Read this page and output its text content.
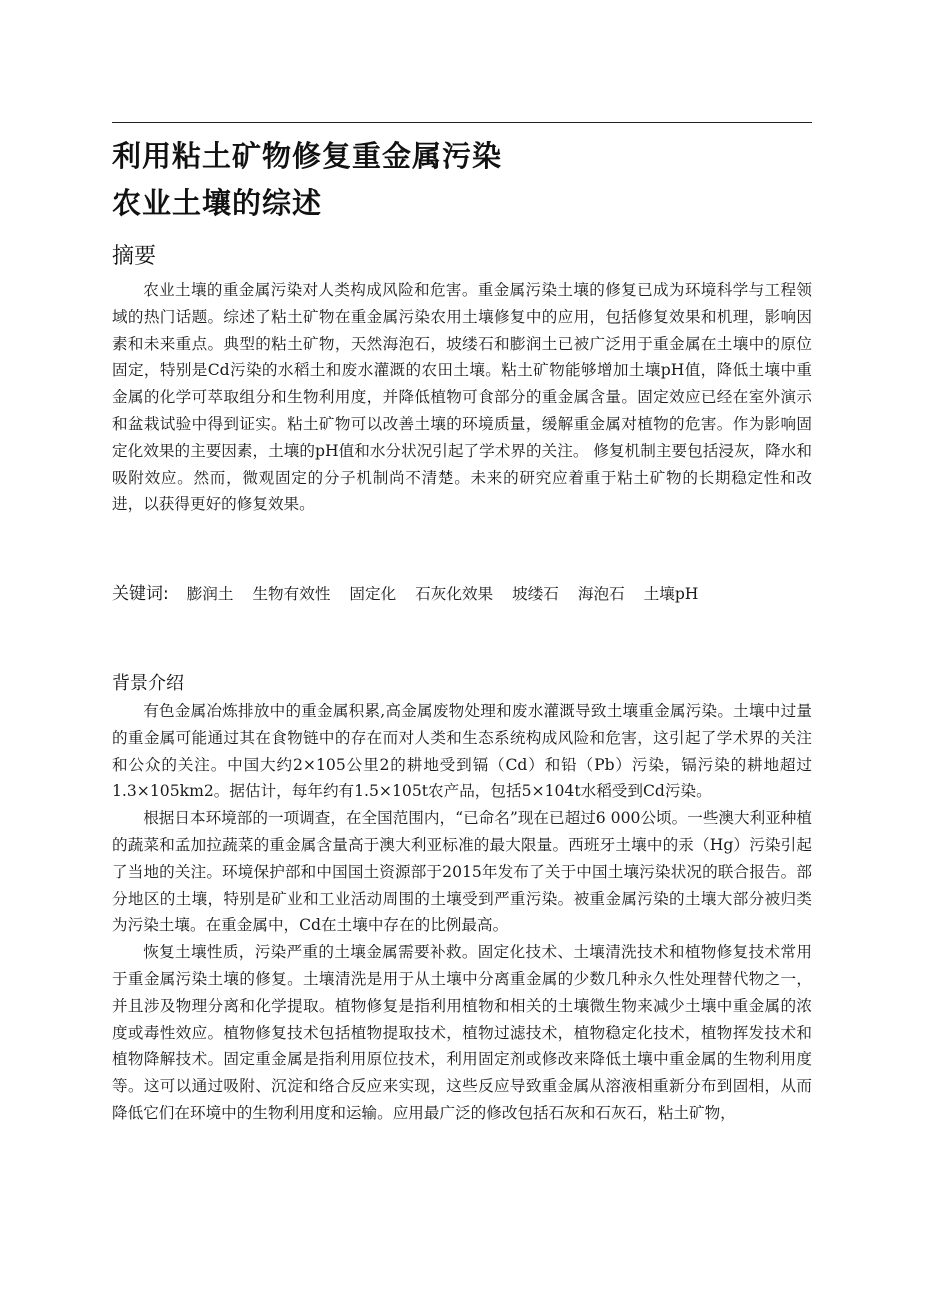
利用粘土矿物修复重金属污染
农业土壤的综述
摘要

农业土壤的重金属污染对人类构成风险和危害。重金属污染土壤的修复已成为环境科学与工程领域的热门话题。综述了粘土矿物在重金属污染农用土壤修复中的应用，包括修复效果和机理，影响因素和未来重点。典型的粘土矿物，天然海泡石，坡缕石和膨润土已被广泛用于重金属在土壤中的原位固定，特别是Cd污染的水稻土和废水灌溉的农田土壤。粘土矿物能够增加土壤pH值，降低土壤中重金属的化学可萃取组分和生物利用度，并降低植物可食部分的重金属含量。固定效应已经在室外演示和盆栽试验中得到证实。粘土矿物可以改善土壤的环境质量，缓解重金属对植物的危害。作为影响固定化效果的主要因素，土壤的pH值和水分状况引起了学术界的关注。 修复机制主要包括浸灰，降水和吸附效应。然而，微观固定的分子机制尚不清楚。未来的研究应着重于粘土矿物的长期稳定性和改进，以获得更好的修复效果。

关键词: 膨润土 生物有效性 固定化 石灰化效果 坡缕石 海泡石 土壤pH
背景介绍

有色金属冶炼排放中的重金属积累,高金属废物处理和废水灌溉导致土壤重金属污染。土壤中过量的重金属可能通过其在食物链中的存在而对人类和生态系统构成风险和危害，这引起了学术界的关注和公众的关注。中国大约2×105公里2的耕地受到镉（Cd）和铅（Pb）污染，镉污染的耕地超过1.3×105km2。据估计，每年约有1.5×105t农产品，包括5×104t水稻受到Cd污染。

根据日本环境部的一项调查，在全国范围内，“已命名”现在已超过6 000公顷。一些澳大利亚种植的蔬菜和孟加拉蔬菜的重金属含量高于澳大利亚标准的最大限量。西班牙土壤中的汞（Hg）污染引起了当地的关注。环境保护部和中国国土资源部于2015年发布了关于中国土壤污染状况的联合报告。部分地区的土壤，特别是矿业和工业活动周围的土壤受到严重污染。被重金属污染的土壤大部分被归类为污染土壤。在重金属中，Cd在土壤中存在的比例最高。

恢复土壤性质，污染严重的土壤金属需要补救。固定化技术、土壤清洗技术和植物修复技术常用于重金属污染土壤的修复。土壤清洗是用于从土壤中分离重金属的少数几种永久性处理替代物之一，并且涉及物理分离和化学提取。植物修复是指利用植物和相关的土壤微生物来减少土壤中重金属的浓度或毒性效应。植物修复技术包括植物提取技术，植物过滤技术，植物稳定化技术，植物挥发技术和植物降解技术。固定重金属是指利用原位技术，利用固定剂或修改来降低土壤中重金属的生物利用度等。这可以通过吸附、沉淀和络合反应来实现，这些反应导致重金属从溶液相重新分布到固相，从而降低它们在环境中的生物利用度和运输。应用最广泛的修改包括石灰和石灰石，粘土矿物，
